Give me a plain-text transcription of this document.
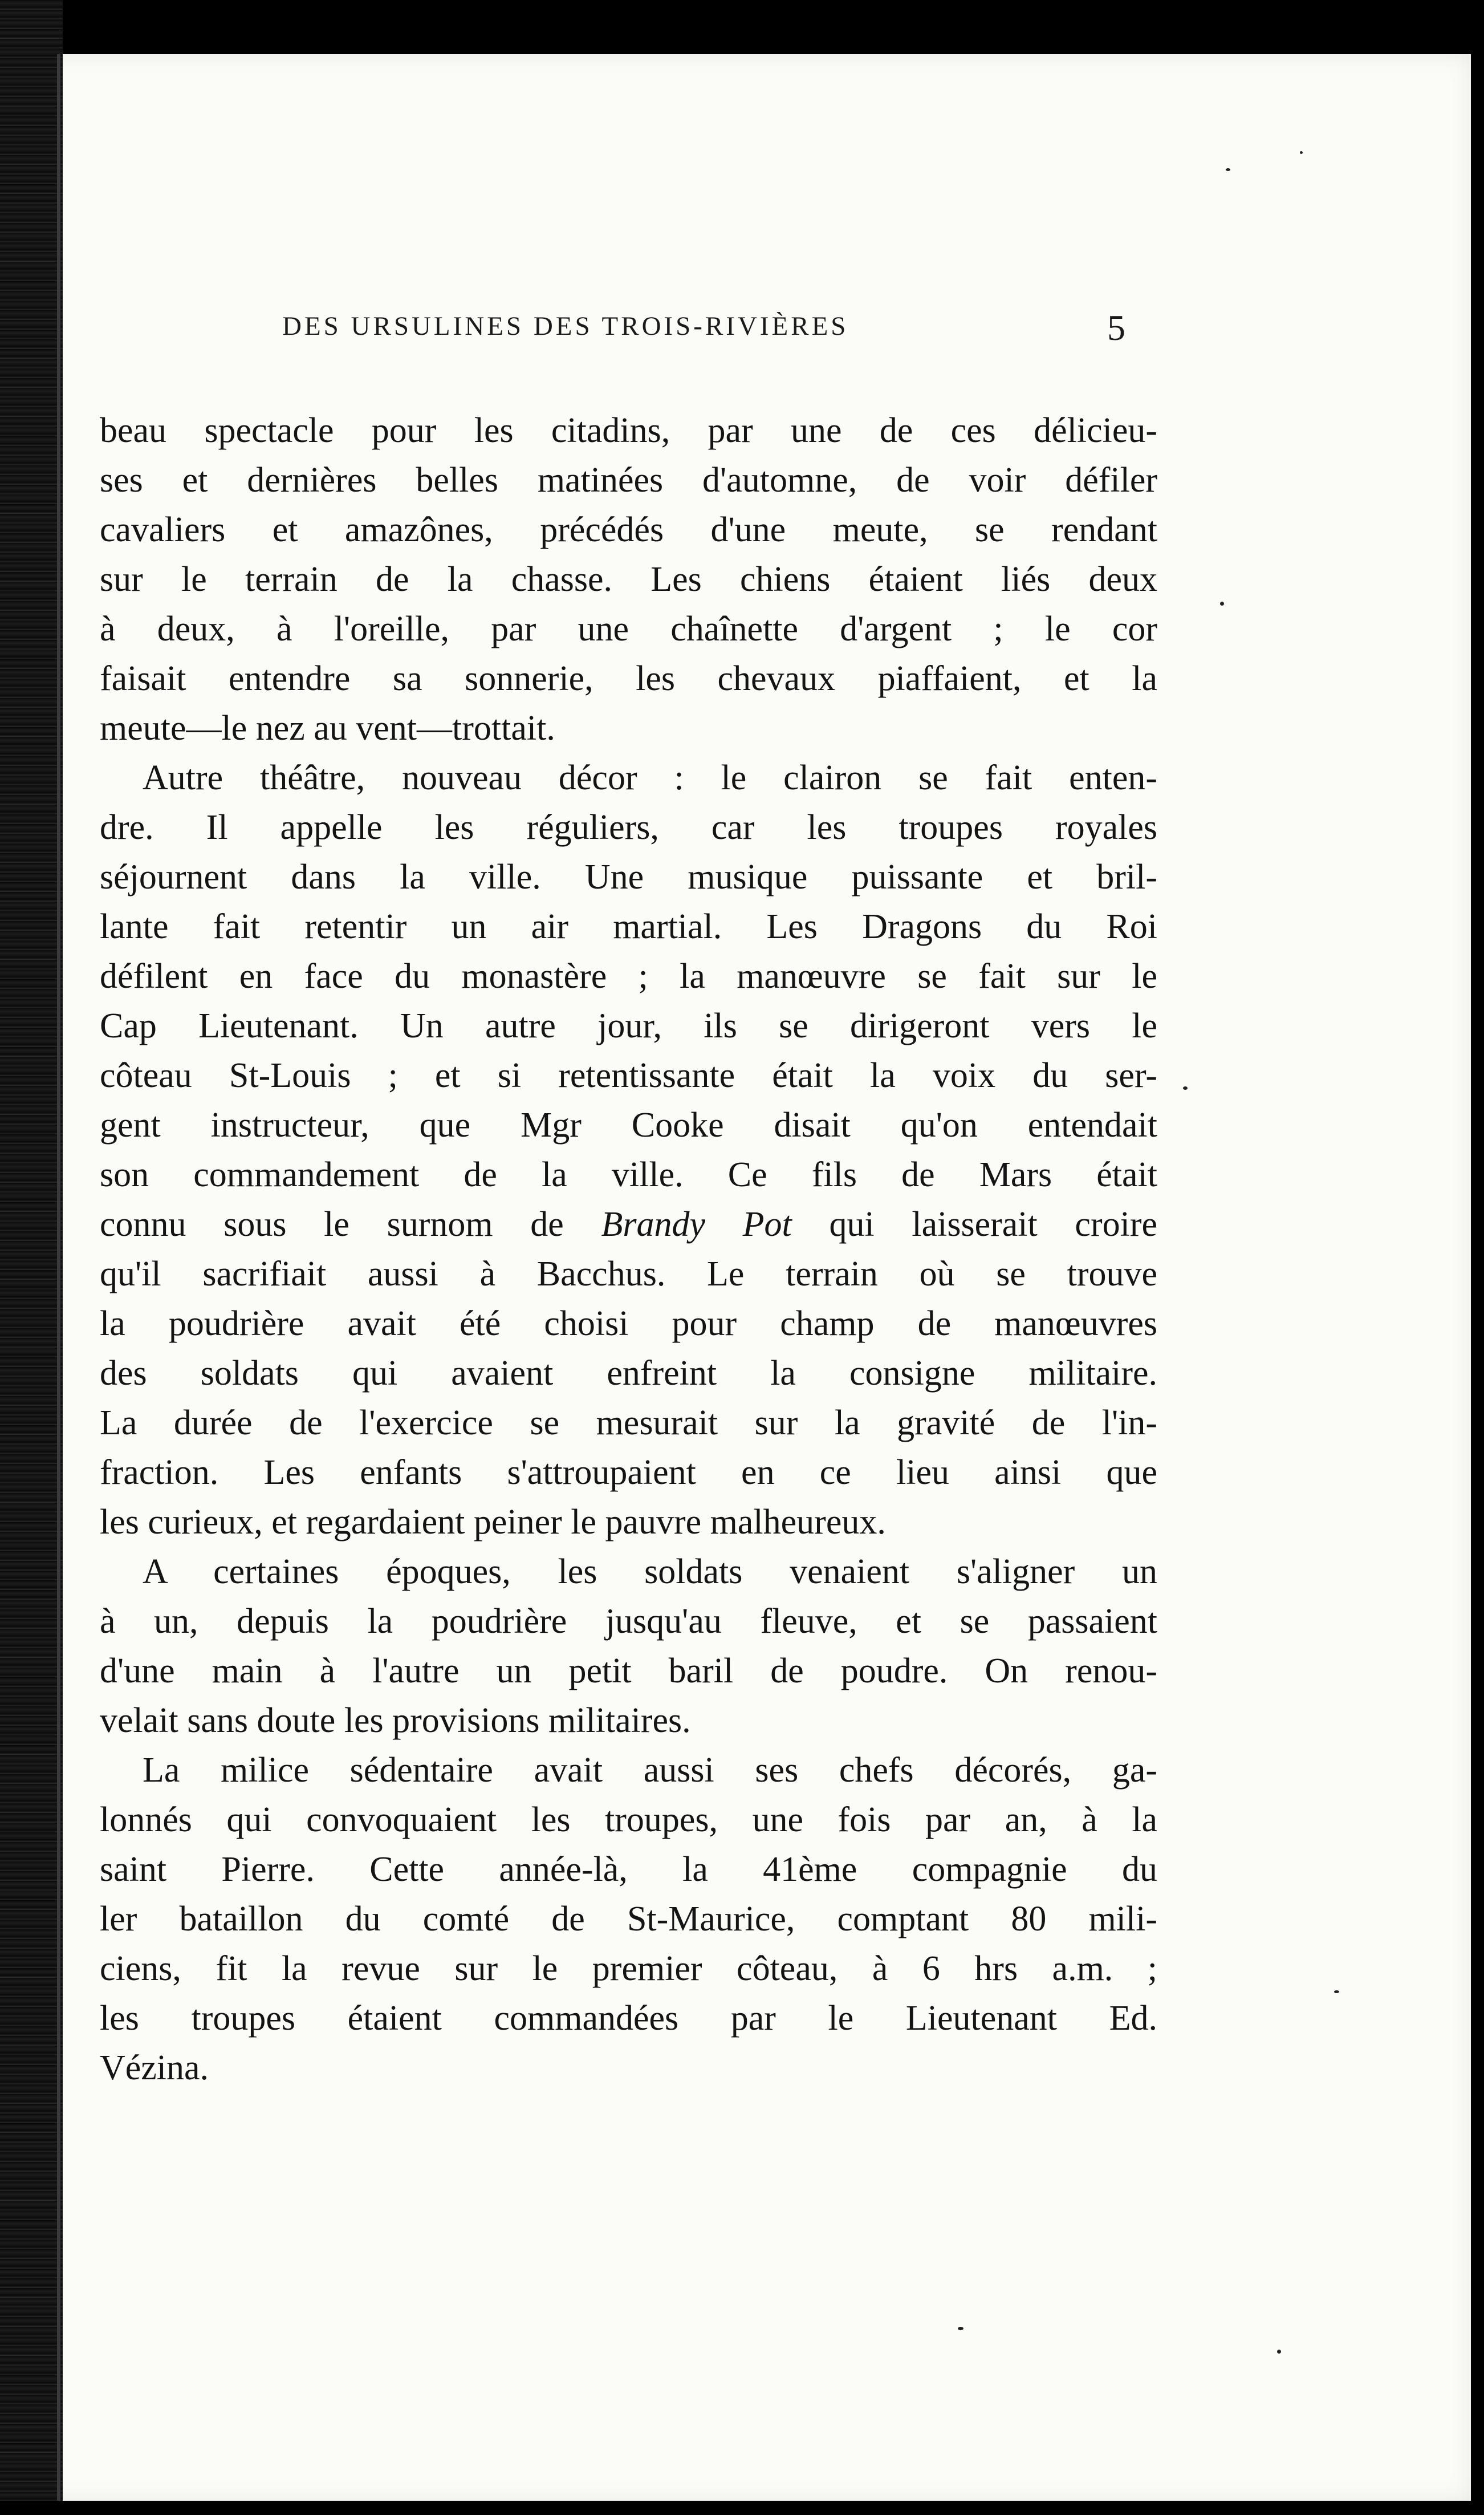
DES URSULINES DES TROIS-RIVIÈRES	5
beau spectacle pour les citadins, par une de ces délicieu-
ses et dernières belles matinées d'automne, de voir défiler
cavaliers et amazônes, précédés d'une meute, se rendant
sur le terrain de la chasse. Les chiens étaient liés deux
à deux, à l'oreille, par une chaînette d'argent ; le cor
faisait entendre sa sonnerie, les chevaux piaffaient, et la
meute—le nez au vent—trottait.
Autre théâtre, nouveau décor : le clairon se fait enten-
dre. Il appelle les réguliers, car les troupes royales
séjournent dans la ville. Une musique puissante et bril-
lante fait retentir un air martial. Les Dragons du Roi
défilent en face du monastère ; la manœuvre se fait sur le
Cap Lieutenant. Un autre jour, ils se dirigeront vers le
côteau St-Louis ; et si retentissante était la voix du ser-
gent instructeur, que Mgr Cooke disait qu'on entendait
son commandement de la ville. Ce fils de Mars était
connu sous le surnom de Brandy Pot qui laisserait croire
qu'il sacrifiait aussi à Bacchus. Le terrain où se trouve
la poudrière avait été choisi pour champ de manœuvres
des soldats qui avaient enfreint la consigne militaire.
La durée de l'exercice se mesurait sur la gravité de l'in-
fraction. Les enfants s'attroupaient en ce lieu ainsi que
les curieux, et regardaient peiner le pauvre malheureux.
A certaines époques, les soldats venaient s'aligner un
à un, depuis la poudrière jusqu'au fleuve, et se passaient
d'une main à l'autre un petit baril de poudre. On renou-
velait sans doute les provisions militaires.
La milice sédentaire avait aussi ses chefs décorés, ga-
lonnés qui convoquaient les troupes, une fois par an, à la
saint Pierre. Cette année-là, la 41ème compagnie du
ler bataillon du comté de St-Maurice, comptant 80 mili-
ciens, fit la revue sur le premier côteau, à 6 hrs a.m. ;
les troupes étaient commandées par le Lieutenant Ed.
Vézina.
